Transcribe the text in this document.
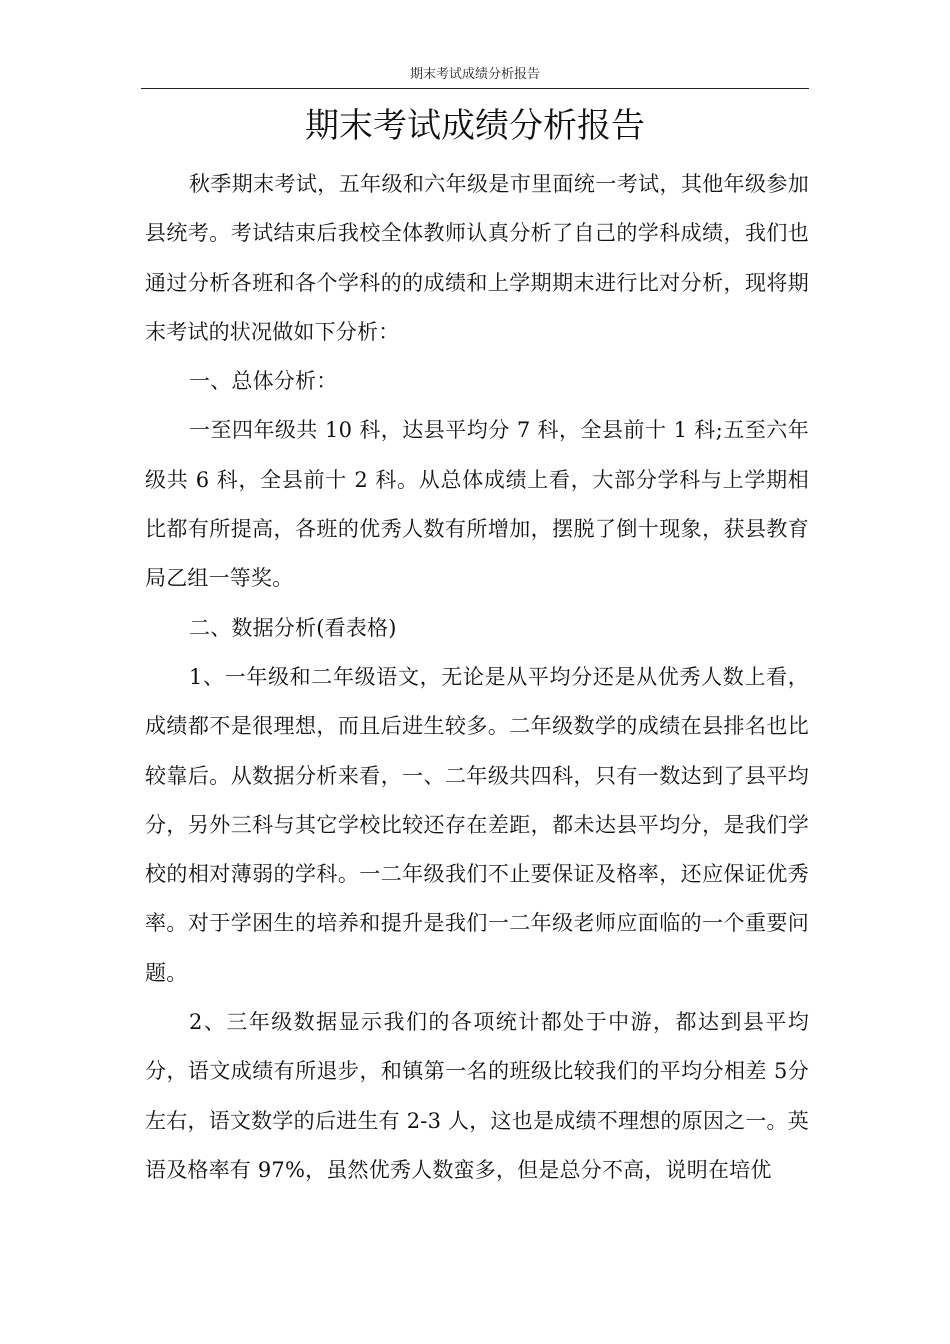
期末考试成绩分析报告
期末考试成绩分析报告

秋季期末考试，五年级和六年级是市里面统一考试，其他年级参加县统考。考试结束后我校全体教师认真分析了自己的学科成绩，我们也通过分析各班和各个学科的的成绩和上学期期末进行比对分析，现将期末考试的状况做如下分析：

一、总体分析：

一至四年级共 10 科，达县平均分 7 科，全县前十 1 科;五至六年级共 6 科，全县前十 2 科。从总体成绩上看，大部分学科与上学期相比都有所提高，各班的优秀人数有所增加，摆脱了倒十现象，获县教育局乙组一等奖。

二、数据分析(看表格)

1、一年级和二年级语文，无论是从平均分还是从优秀人数上看，成绩都不是很理想，而且后进生较多。二年级数学的成绩在县排名也比较靠后。从数据分析来看，一、二年级共四科，只有一数达到了县平均分，另外三科与其它学校比较还存在差距，都未达县平均分，是我们学校的相对薄弱的学科。一二年级我们不止要保证及格率，还应保证优秀率。对于学困生的培养和提升是我们一二年级老师应面临的一个重要问题。

2、三年级数据显示我们的各项统计都处于中游，都达到县平均分，语文成绩有所退步，和镇第一名的班级比较我们的平均分相差 5分左右，语文数学的后进生有 2-3 人，这也是成绩不理想的原因之一。英语及格率有 97%，虽然优秀人数蛮多，但是总分不高，说明在培优
